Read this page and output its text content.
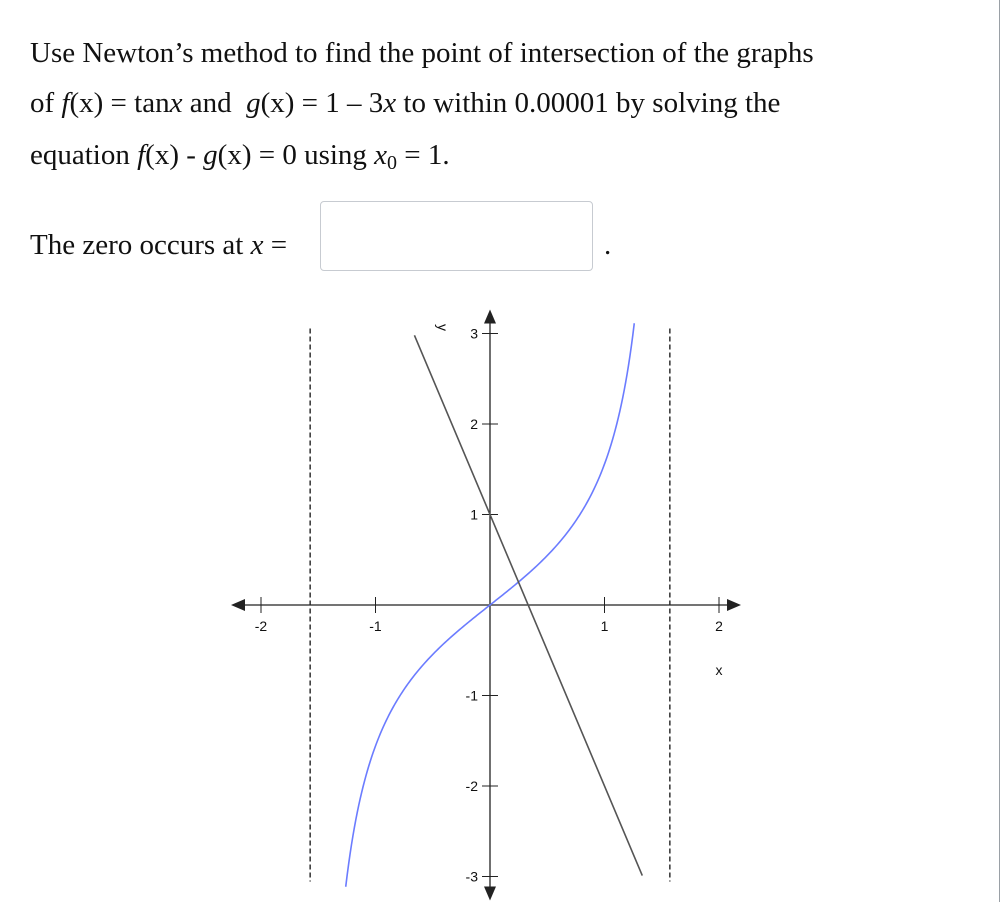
Use Newton’s method to find the point of intersection of the graphs
of f(x) = tanx and g(x) = 1 – 3x to within 0.00001 by solving the
equation f(x) - g(x) = 0 using $x_0 = 1$.
The zero occurs at x =	.
-2	-1	1	2
-3
-2
-1
1
2
3
x
y
